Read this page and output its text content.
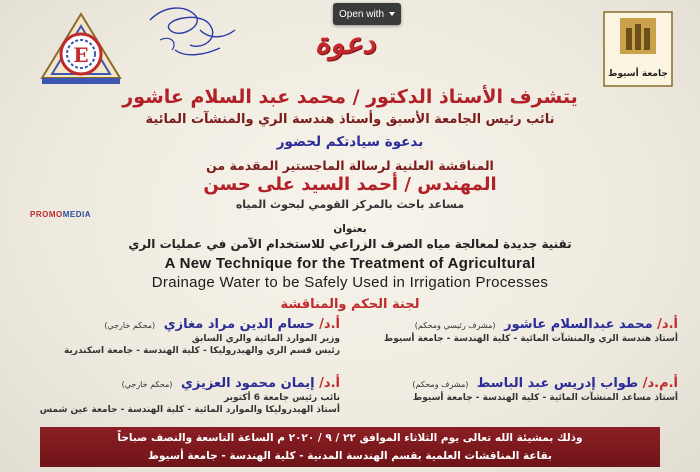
E
جامعة أسيوط
Open with
دعوة
يتشرف الأستاذ الدكتور / محمد عبد السلام عاشور
نائب رئيس الجامعة الأسبق وأستاذ هندسة الري والمنشآت المائية
بدعوة سيادتكم لحضور
المناقشة العلنية لرسالة الماجستير المقدمة من
المهندس / أحمد السيد على حسن
مساعد باحث بالمركز القومي لبحوث المياه
PROMOMEDIA
بعنوان
تقنية جديدة لمعالجة مياه الصرف الزراعي للاستخدام الآمن في عمليات الري
A New Technique for the Treatment of Agricultural
Drainage Water to be Safely Used in Irrigation Processes
لجنة الحكم والمناقشة
أ.د/ محمد عبدالسلام عاشور (مشرف رئيسي ومحكم)
أستاذ هندسة الري والمنشآت المائية - كلية الهندسة - جامعة أسيوط
أ.د/ حسام الدين مراد مغازي (محكم خارجي)
وزير الموارد المائية والري السابق
رئيس قسم الري والهيدروليكا - كلية الهندسة - جامعة اسكندرية
أ.م.د/ طواب إدريس عبد الباسط (مشرف ومحكم)
أستاذ مساعد المنشآت المائية - كلية الهندسة - جامعة أسيوط
أ.د/ إيمان محمود العزيزي (محكم خارجي)
نائب رئيس جامعة 6 أكتوبر
أستاذ الهيدروليكا والموارد المائية - كلية الهندسة - جامعة عين شمس
وذلك بمشيئة الله تعالى يوم الثلاثاء الموافق ٢٢ / ٩ / ٢٠٢٠ م الساعة التاسعة والنصف صباحاً
بقاعة المناقشات العلمية بقسم الهندسة المدنية - كلية الهندسة - جامعة أسيوط
